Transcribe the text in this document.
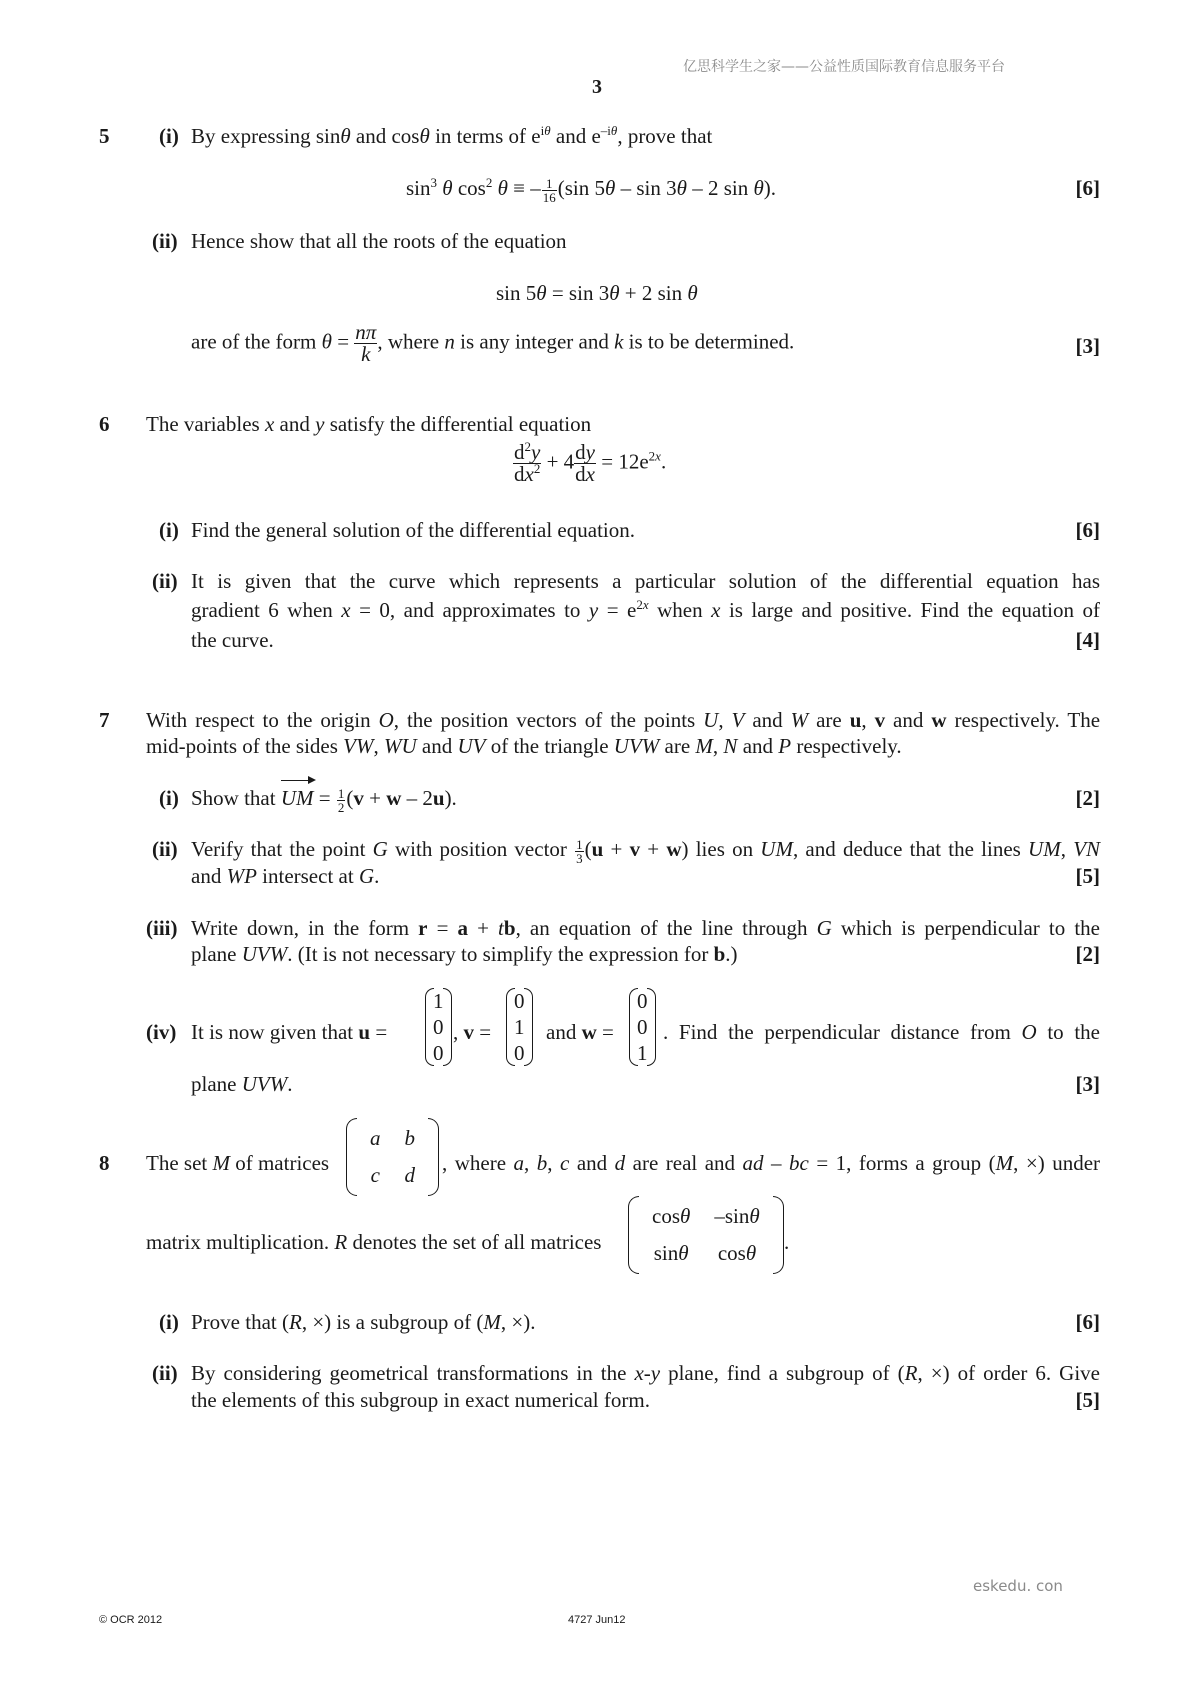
亿思科学生之家——公益性质国际教育信息服务平台
3
5 (i) By expressing sinθ and cosθ in terms of $e^{i\theta}$ and $e^{-i\theta}$, prove that
$\sin^3 \theta$ $\cos^2 \theta$ ≡ – $\frac{1}{16} (\sin$ 5θ – sin 3θ – 2 sin θ).	[6]
(ii) Hence show that all the roots of the equation
sin 5θ = sin 3θ + 2 sin θ
are of the form $\theta = \frac{n\pi}{k}$ , where n is any integer and k is to be determined.	[3]
6 The variables x and y satisfy the differential equation
$\frac{d^2y}{dx^2} + 4 \frac{dy}{dx} = 12e^{2x}$.
(i) Find the general solution of the differential equation.	[6]
(ii) It is given that the curve which represents a particular solution of the differential equation has
gradient 6 when x = 0, and approximates to $y = e^{2x}$ when x is large and positive. Find the equation of
the curve.	[4]
7 With respect to the origin O, the position vectors of the points U, V and W are u, v and w respectively. The
mid-points of the sides VW, WU and UV of the triangle UVW are M, N and P respectively.
(i) Show that UM
= $\frac{1}{2} (v + w - 2u)$.	[2]
(ii) Verify that the point G with position vector $\frac{1}{3} (u + v + w)$ lies on UM, and deduce that the lines UM, VN
and WP intersect at G.	[5]
(iii) Write down, in the form r = a + tb, an equation of the line through G which is perpendicular to the
plane UVW. (It is not necessary to simplify the expression for b.)	[2]
(iv) It is now given that u =
1
0
0
, v =
0
1
0
and w =
0
0
1
. Find the perpendicular distance from O to the
plane UVW.	[3]
8 The set M of matrices
a	b
c	d , where a, b, c and d are real and ad – bc = 1, forms a group (M, ×) under
matrix multiplication. R denotes the set of all matrices
cosθ	–sinθ
sinθ	cosθ .
(i) Prove that (R, ×) is a subgroup of (M, ×).	[6]
(ii) By considering geometrical transformations in the x-y plane, find a subgroup of (R, ×) of order 6. Give
the elements of this subgroup in exact numerical form.	[5]
eskedu. con
© OCR 2012	4727 Jun12
